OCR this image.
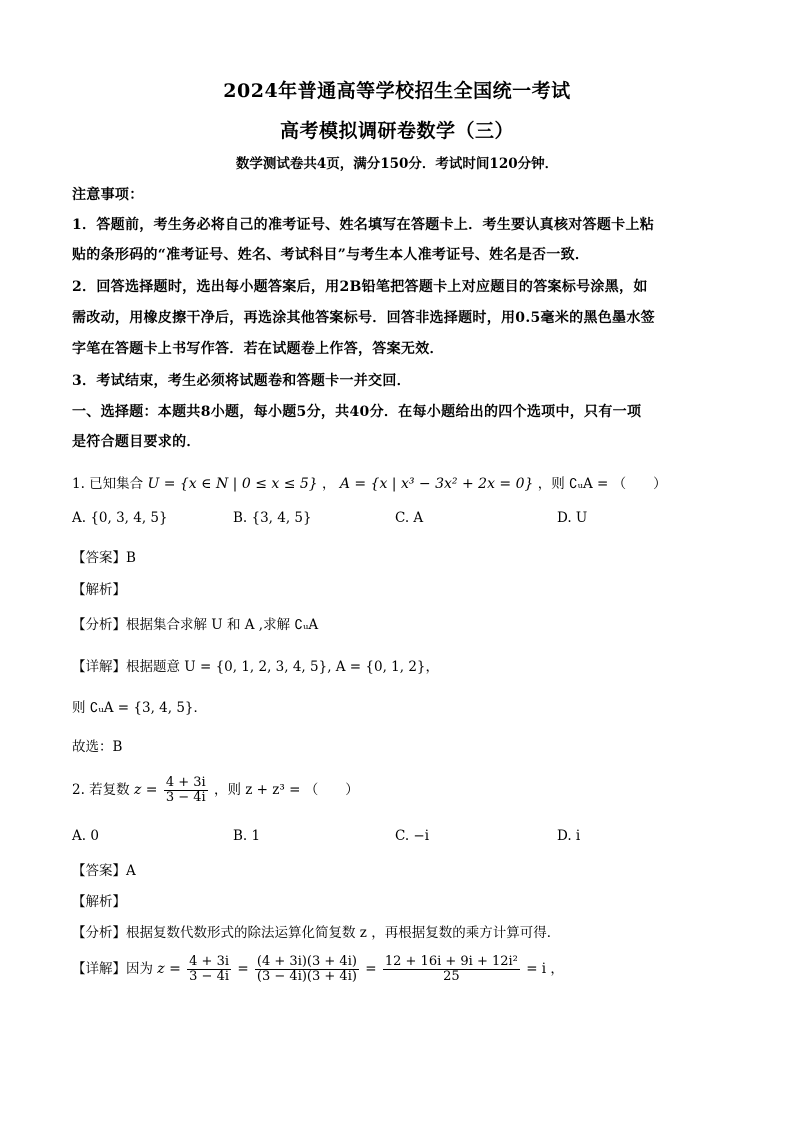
2024年普通高等学校招生全国统一考试
高考模拟调研卷数学（三）
数学测试卷共4页，满分150分．考试时间120分钟．
注意事项：
1．答题前，考生务必将自己的准考证号、姓名填写在答题卡上．考生要认真核对答题卡上粘
贴的条形码的“准考证号、姓名、考试科目”与考生本人准考证号、姓名是否一致．
2．回答选择题时，选出每小题答案后，用2B铅笔把答题卡上对应题目的答案标号涂黑，如
需改动，用橡皮擦干净后，再选涂其他答案标号．回答非选择题时，用0.5毫米的黑色墨水签
字笔在答题卡上书写作答．若在试题卷上作答，答案无效．
3．考试结束，考生必须将试题卷和答题卡一并交回．
一、选择题：本题共8小题，每小题5分，共40分．在每小题给出的四个选项中，只有一项
是符合题目要求的．
1. 已知集合 U = {x ∈ N | 0 ≤ x ≤ 5} ， A = {x | x³ − 3x² + 2x = 0} ，则 ∁ᵤA = （　　）
A. {0, 3, 4, 5}	B. {3, 4, 5}	C. A	D. U
【答案】B
【解析】
【分析】根据集合求解 U 和 A ,求解 ∁ᵤA
【详解】根据题意 U = {0, 1, 2, 3, 4, 5}, A = {0, 1, 2}，
则 ∁ᵤA = {3, 4, 5}．
故选：B
2. 若复数 $z = \frac{4 + 3i}{3 - 4i}$ ，则 z + z³ = （　　）
A. 0	B. 1	C. −i	D. i
【答案】A
【解析】
【分析】根据复数代数形式的除法运算化简复数 z ，再根据复数的乘方计算可得．
【详解】因为 $z = \frac{4 + 3i}{3 - 4i} = \frac{(4 + 3i)(3 + 4i)}{(3 - 4i)(3 + 4i)} = \frac{\text{12 + 16i + 9i + 12i²}}{25} = i$ ，
